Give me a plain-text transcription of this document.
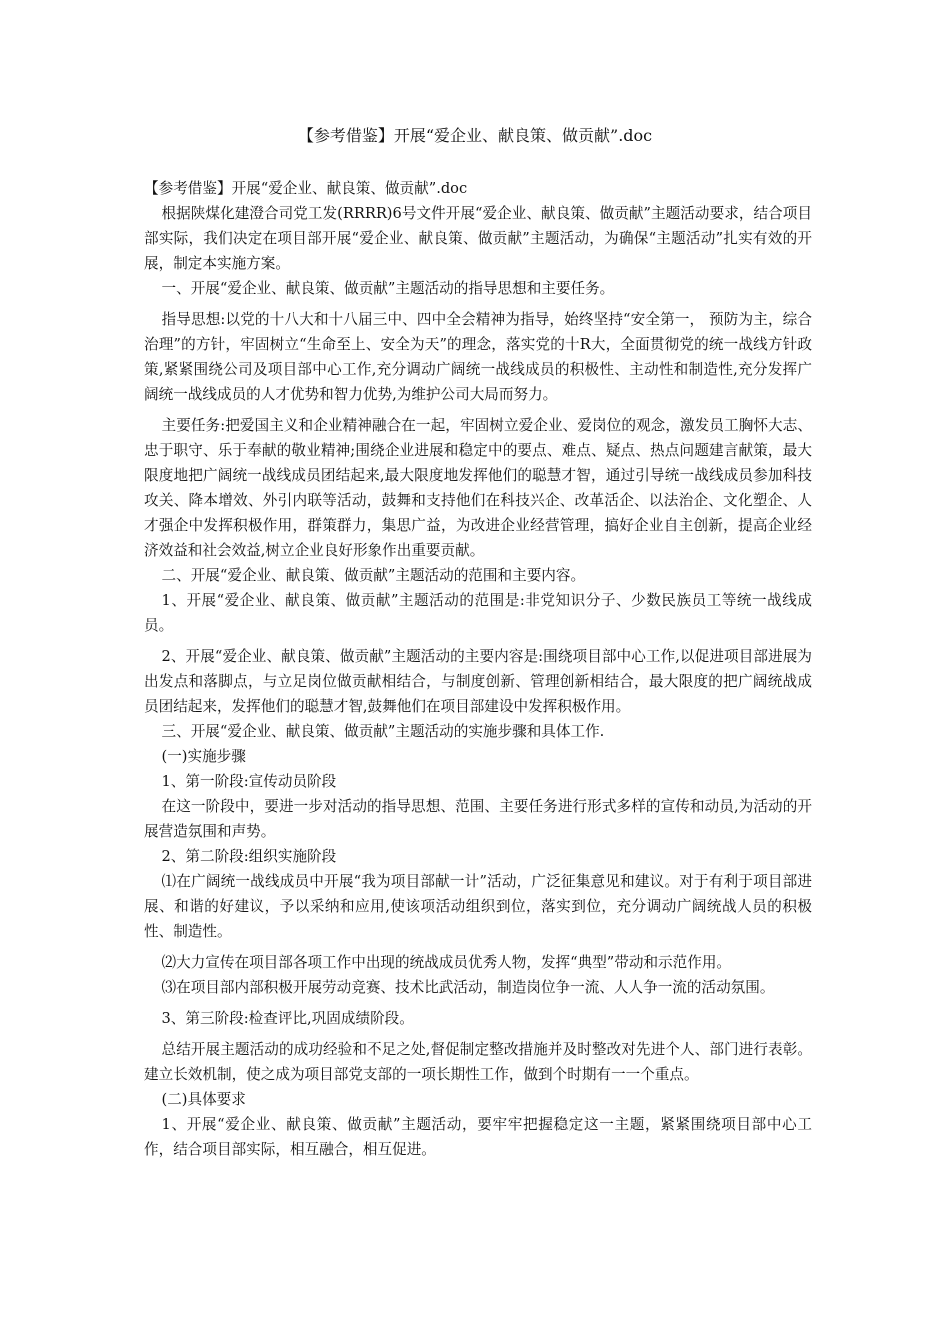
【参考借鉴】开展“爱企业、献良策、做贡献”.doc

【参考借鉴】开展“爱企业、献良策、做贡献”.doc

根据陕煤化建澄合司党工发(RRRR)6号文件开展“爱企业、献良策、做贡献”主题活动要求，结合项目部实际，我们决定在项目部开展“爱企业、献良策、做贡献”主题活动，为确保“主题活动”扎实有效的开展，制定本实施方案。

一、开展“爱企业、献良策、做贡献”主题活动的指导思想和主要任务。

指导思想:以党的十八大和十八届三中、四中全会精神为指导，始终坚持“安全第一， 预防为主，综合治理”的方针，牢固树立“生命至上、安全为天”的理念，落实党的十R大，全面贯彻党的统一战线方针政策,紧紧围绕公司及项目部中心工作,充分调动广阔统一战线成员的积极性、主动性和制造性,充分发挥广阔统一战线成员的人才优势和智力优势,为维护公司大局而努力。

主要任务:把爱国主义和企业精神融合在一起，牢固树立爱企业、爱岗位的观念，激发员工胸怀大志、忠于职守、乐于奉献的敬业精神;围绕企业进展和稳定中的要点、难点、疑点、热点问题建言献策，最大限度地把广阔统一战线成员团结起来,最大限度地发挥他们的聪慧才智，通过引导统一战线成员参加科技攻关、降本增效、外引内联等活动，鼓舞和支持他们在科技兴企、改革活企、以法治企、文化塑企、人才强企中发挥积极作用，群策群力，集思广益，为改进企业经营管理，搞好企业自主创新，提高企业经济效益和社会效益,树立企业良好形象作出重要贡献。

二、开展“爱企业、献良策、做贡献”主题活动的范围和主要内容。

1、开展“爱企业、献良策、做贡献”主题活动的范围是:非党知识分子、少数民族员工等统一战线成员。

2、开展“爱企业、献良策、做贡献”主题活动的主要内容是:围绕项目部中心工作,以促进项目部进展为出发点和落脚点，与立足岗位做贡献相结合，与制度创新、管理创新相结合，最大限度的把广阔统战成员团结起来，发挥他们的聪慧才智,鼓舞他们在项目部建设中发挥积极作用。

三、开展“爱企业、献良策、做贡献”主题活动的实施步骤和具体工作.

(一)实施步骤

1、第一阶段:宣传动员阶段

在这一阶段中，要进一步对活动的指导思想、范围、主要任务进行形式多样的宣传和动员,为活动的开展营造氛围和声势。

2、第二阶段:组织实施阶段

⑴在广阔统一战线成员中开展“我为项目部献一计”活动，广泛征集意见和建议。对于有利于项目部进展、和谐的好建议，予以采纳和应用,使该项活动组织到位，落实到位，充分调动广阔统战人员的积极性、制造性。

⑵大力宣传在项目部各项工作中出现的统战成员优秀人物，发挥“典型”带动和示范作用。

⑶在项目部内部积极开展劳动竞赛、技术比武活动，制造岗位争一流、人人争一流的活动氛围。

3、第三阶段:检查评比,巩固成绩阶段。

总结开展主题活动的成功经验和不足之处,督促制定整改措施并及时整改对先进个人、部门进行表彰。建立长效机制，使之成为项目部党支部的一项长期性工作，做到个时期有一一个重点。

(二)具体要求

1、开展“爱企业、献良策、做贡献”主题活动，要牢牢把握稳定这一主题，紧紧围绕项目部中心工作，结合项目部实际，相互融合，相互促进。
